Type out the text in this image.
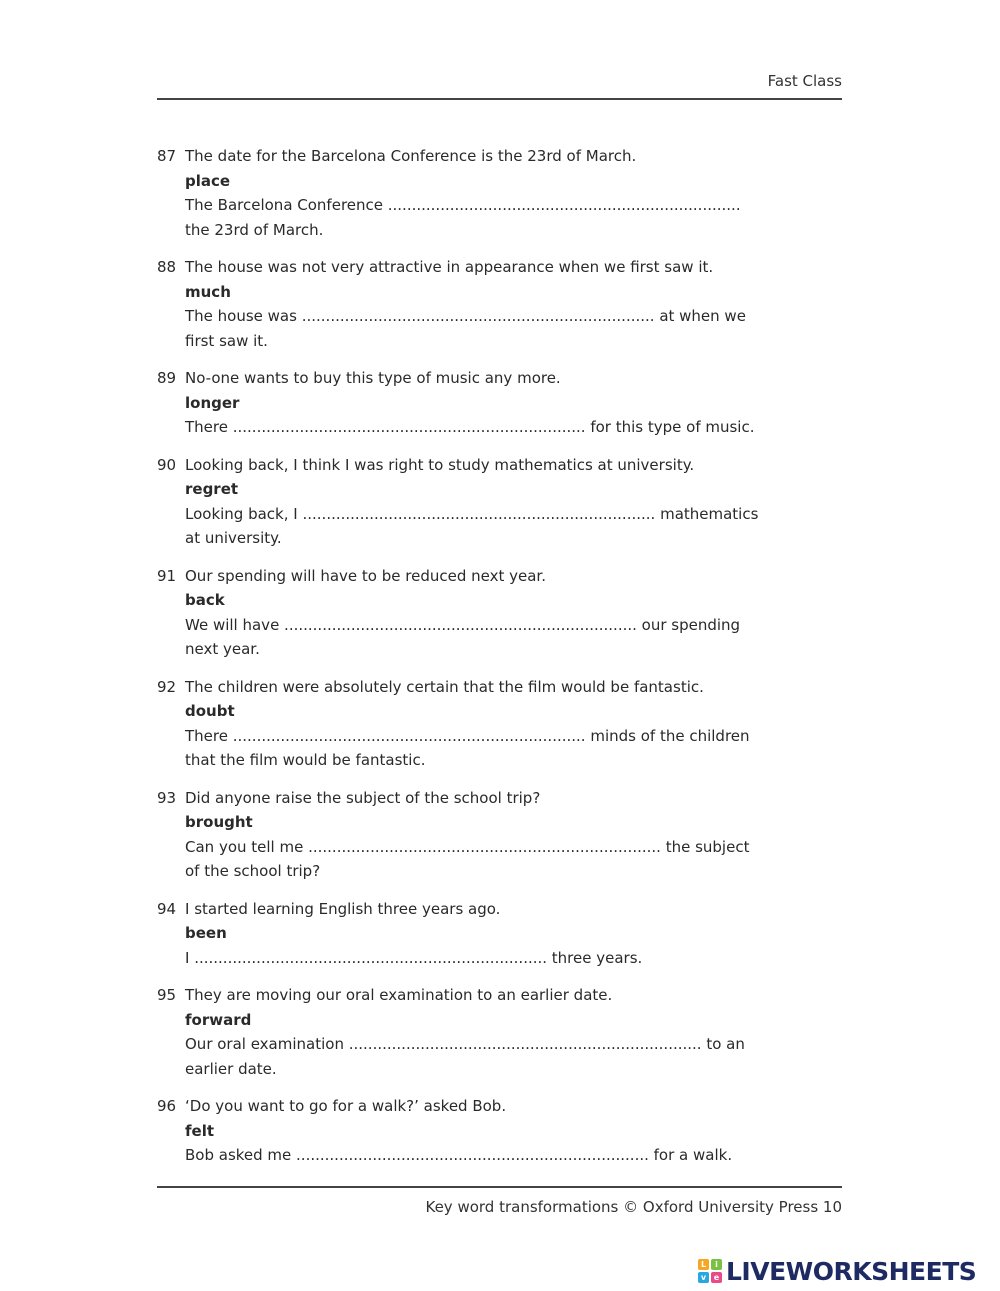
Fast Class
87 The date for the Barcelona Conference is the 23rd of March.
place
The Barcelona Conference ..........................................................................
the 23rd of March.
88 The house was not very attractive in appearance when we first saw it.
much
The house was .......................................................................... at when we
first saw it.
89 No-one wants to buy this type of music any more.
longer
There .......................................................................... for this type of music.
90 Looking back, I think I was right to study mathematics at university.
regret
Looking back, I .......................................................................... mathematics
at university.
91 Our spending will have to be reduced next year.
back
We will have .......................................................................... our spending
next year.
92 The children were absolutely certain that the film would be fantastic.
doubt
There .......................................................................... minds of the children
that the film would be fantastic.
93 Did anyone raise the subject of the school trip?
brought
Can you tell me .......................................................................... the subject
of the school trip?
94 I started learning English three years ago.
been
I .......................................................................... three years.
95 They are moving our oral examination to an earlier date.
forward
Our oral examination .......................................................................... to an
earlier date.
96 ‘Do you want to go for a walk?’ asked Bob.
felt
Bob asked me .......................................................................... for a walk.
Key word transformations © Oxford University Press 10
L	i
v e LIVEWORKSHEETS
